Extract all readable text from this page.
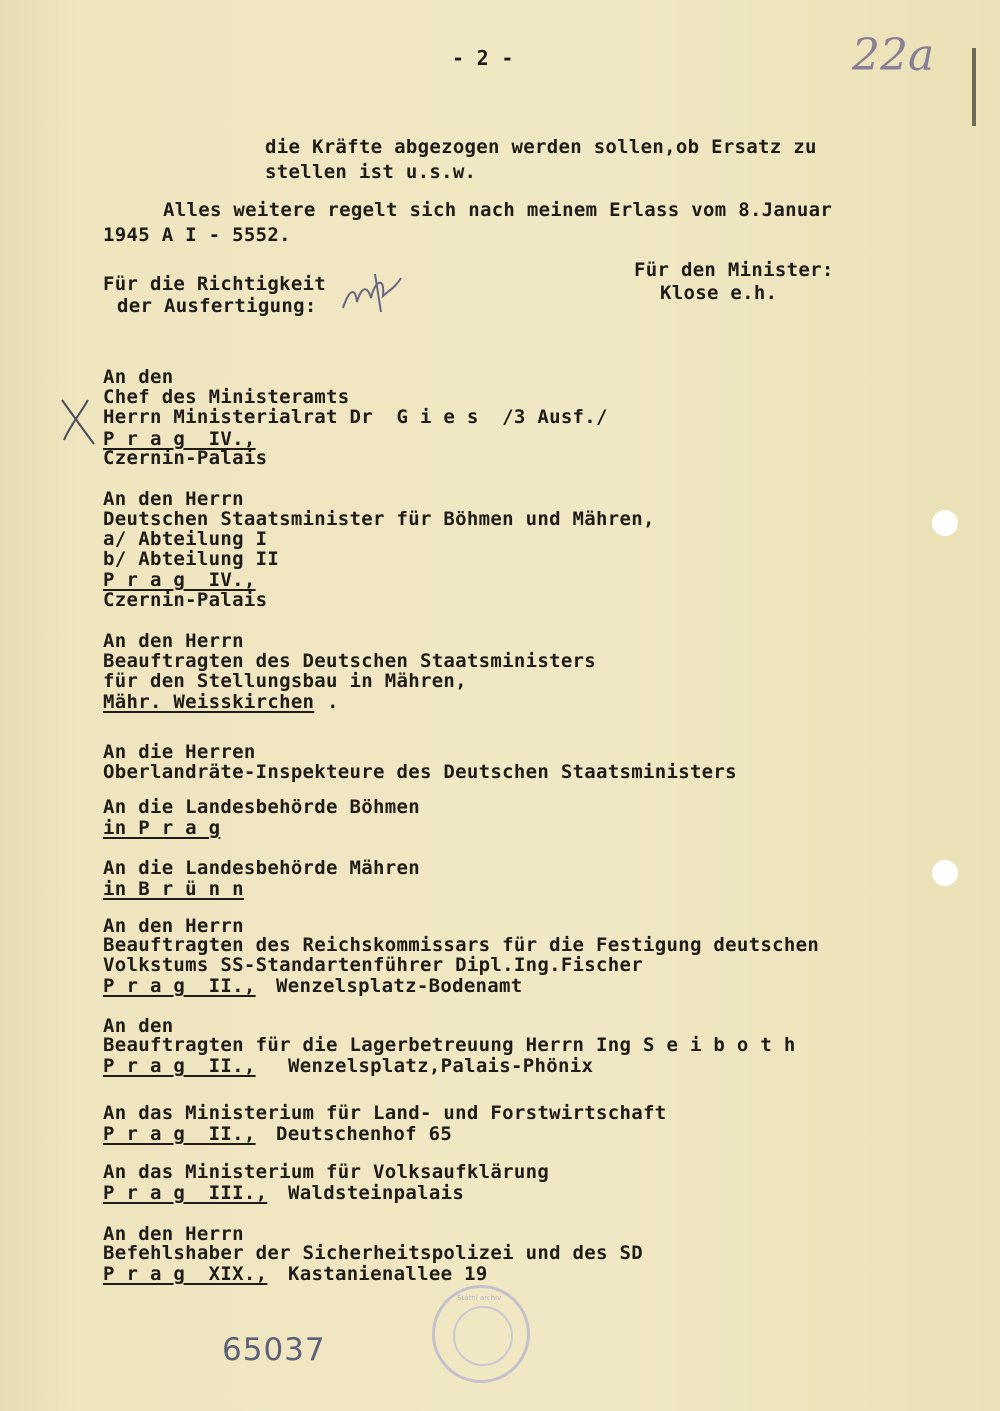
- 2 -	22a
die Kräfte abgezogen werden sollen,ob Ersatz zu
stellen ist u.s.w.
Alles weitere regelt sich nach meinem Erlass vom 8.Januar
1945 A I - 5552.
Für die Richtigkeit
der Ausfertigung:
Für den Minister:
Klose e.h.
An den
Chef des Ministeramts
Herrn Ministerialrat Dr  G i e s  /3 Ausf./
P r a g  IV.,
Czernin-Palais
An den Herrn
Deutschen Staatsminister für Böhmen und Mähren,
a/ Abteilung I
b/ Abteilung II
P r a g  IV.,
Czernin-Palais
An den Herrn
Beauftragten des Deutschen Staatsministers
für den Stellungsbau in Mähren,
Mähr. Weisskirchen .
An die Herren
Oberlandräte-Inspekteure des Deutschen Staatsministers
An die Landesbehörde Böhmen
in P r a g
An die Landesbehörde Mähren
in B r ü n n
An den Herrn
Beauftragten des Reichskommissars für die Festigung deutschen
Volkstums SS-Standartenführer Dipl.Ing.Fischer
P r a g  II., Wenzelsplatz-Bodenamt
An den
Beauftragten für die Lagerbetreuung Herrn Ing S e i b o t h
P r a g  II., Wenzelsplatz,Palais-Phönix
An das Ministerium für Land- und Forstwirtschaft
P r a g  II., Deutschenhof 65
An das Ministerium für Volksaufklärung
P r a g  III., Waldsteinpalais
An den Herrn
Befehlshaber der Sicherheitspolizei und des SD
P r a g  XIX., Kastanienallee 19
Státní archiv
65037
